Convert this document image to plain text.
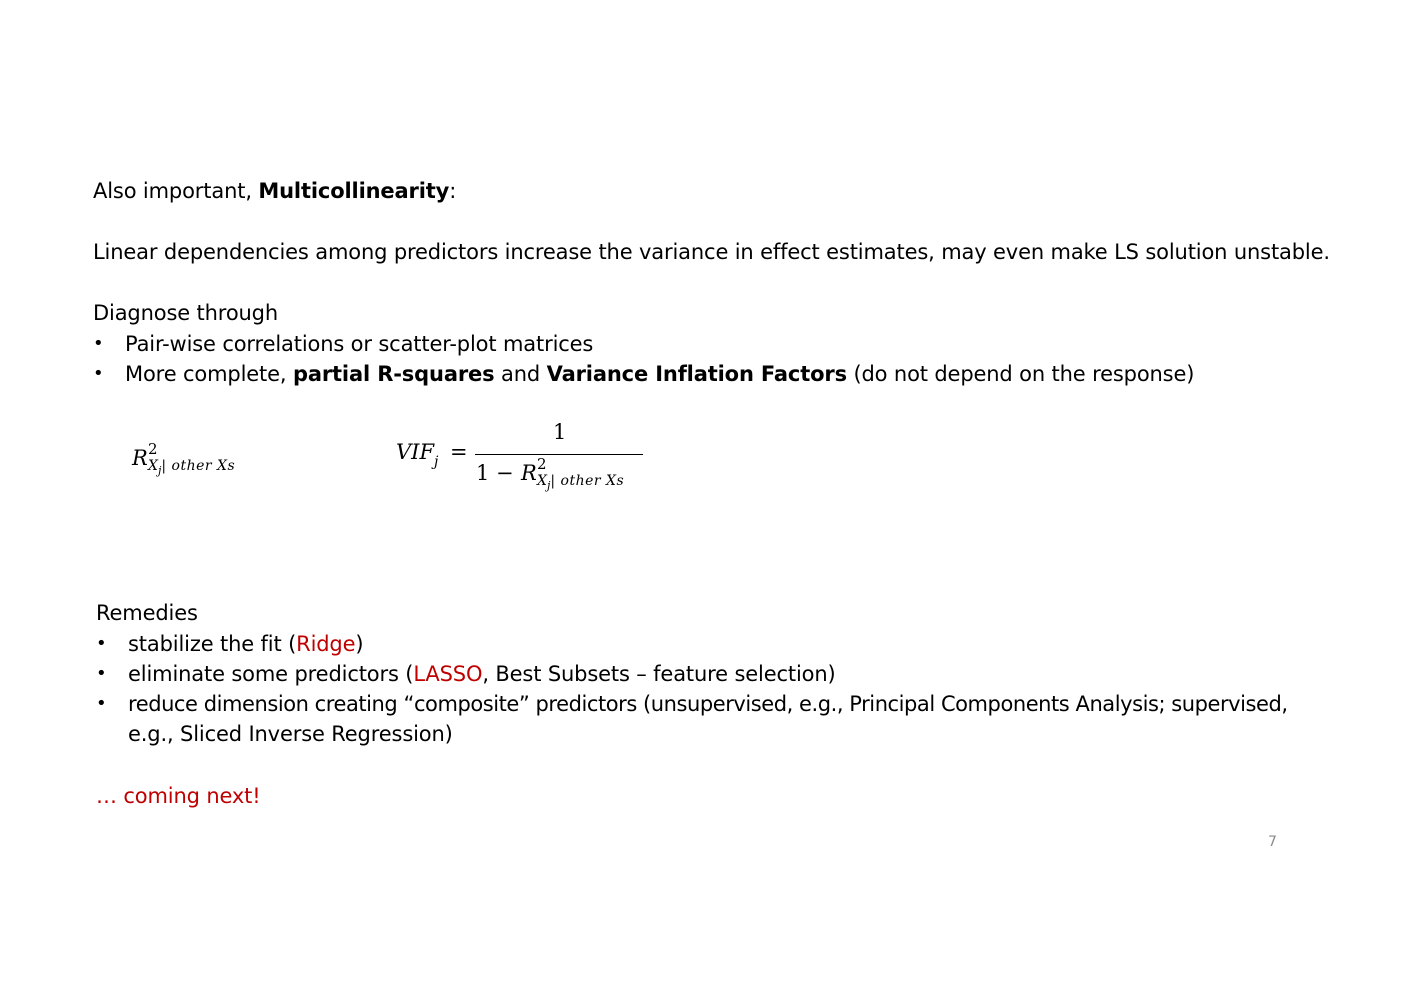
Also important, Multicollinearity:
Linear dependencies among predictors increase the variance in effect estimates, may even make LS solution unstable.
Diagnose through
• Pair-wise correlations or scatter-plot matrices
• More complete, partial R-squares and Variance Inflation Factors (do not depend on the response)
R 2
$X_j|$ other Xs
VIF j =
1
1 − R 2
$X_j|$ other Xs
Remedies
• stabilize the fit (Ridge)
• eliminate some predictors (LASSO, Best Subsets – feature selection)
• reduce dimension creating “composite” predictors (unsupervised, e.g., Principal Components Analysis; supervised,
e.g., Sliced Inverse Regression)
… coming next!
7
